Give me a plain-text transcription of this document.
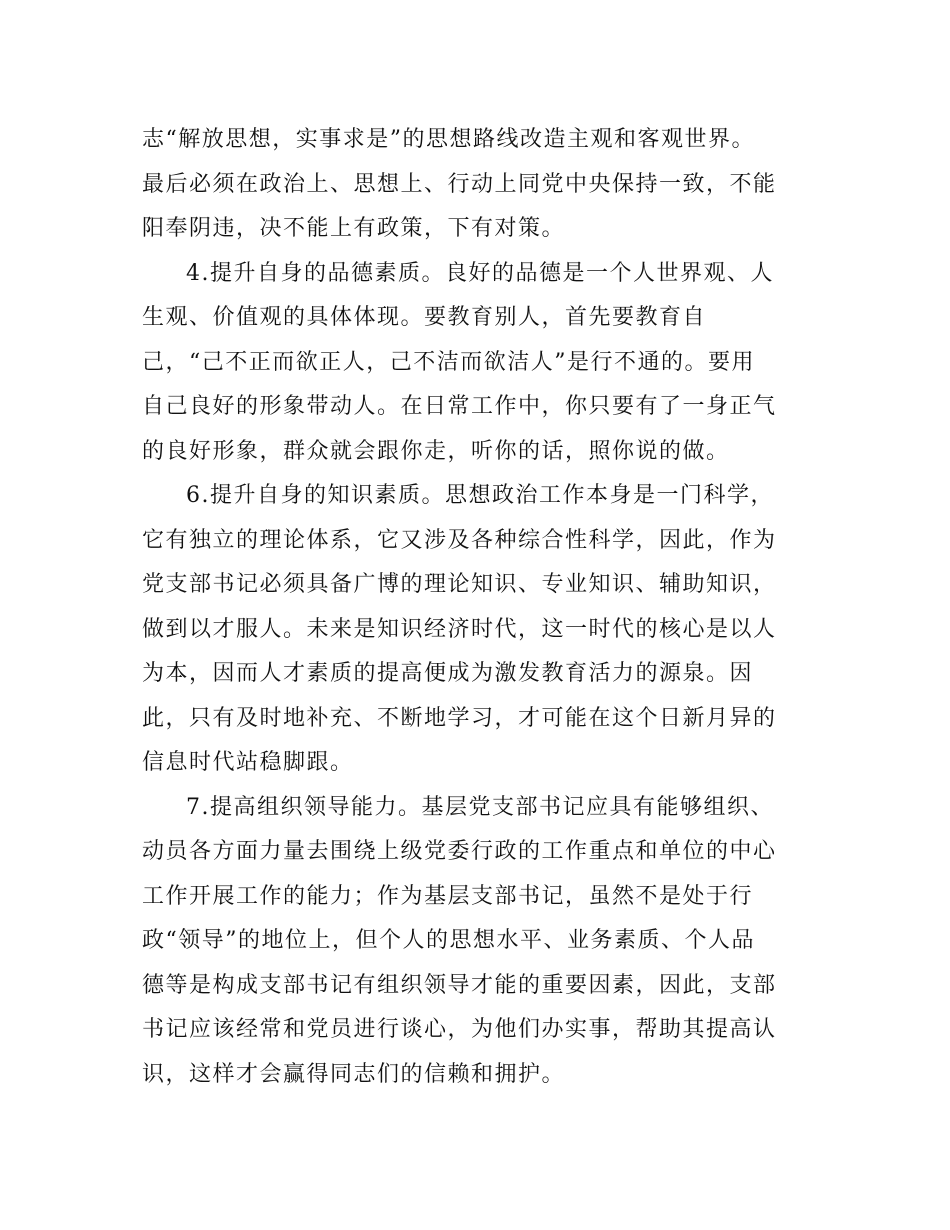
志“解放思想，实事求是”的思想路线改造主观和客观世界。
最后必须在政治上、思想上、行动上同党中央保持一致，不能
阳奉阴违，决不能上有政策，下有对策。
4.提升自身的品德素质。良好的品德是一个人世界观、人
生观、价值观的具体体现。要教育别人，首先要教育自
己，“己不正而欲正人，己不洁而欲洁人”是行不通的。要用
自己良好的形象带动人。在日常工作中，你只要有了一身正气
的良好形象，群众就会跟你走，听你的话，照你说的做。
6.提升自身的知识素质。思想政治工作本身是一门科学，
它有独立的理论体系，它又涉及各种综合性科学，因此，作为
党支部书记必须具备广博的理论知识、专业知识、辅助知识，
做到以才服人。未来是知识经济时代，这一时代的核心是以人
为本，因而人才素质的提高便成为激发教育活力的源泉。因
此，只有及时地补充、不断地学习，才可能在这个日新月异的
信息时代站稳脚跟。
7.提高组织领导能力。基层党支部书记应具有能够组织、
动员各方面力量去围绕上级党委行政的工作重点和单位的中心
工作开展工作的能力；作为基层支部书记，虽然不是处于行
政“领导”的地位上，但个人的思想水平、业务素质、个人品
德等是构成支部书记有组织领导才能的重要因素，因此，支部
书记应该经常和党员进行谈心，为他们办实事，帮助其提高认
识，这样才会赢得同志们的信赖和拥护。
